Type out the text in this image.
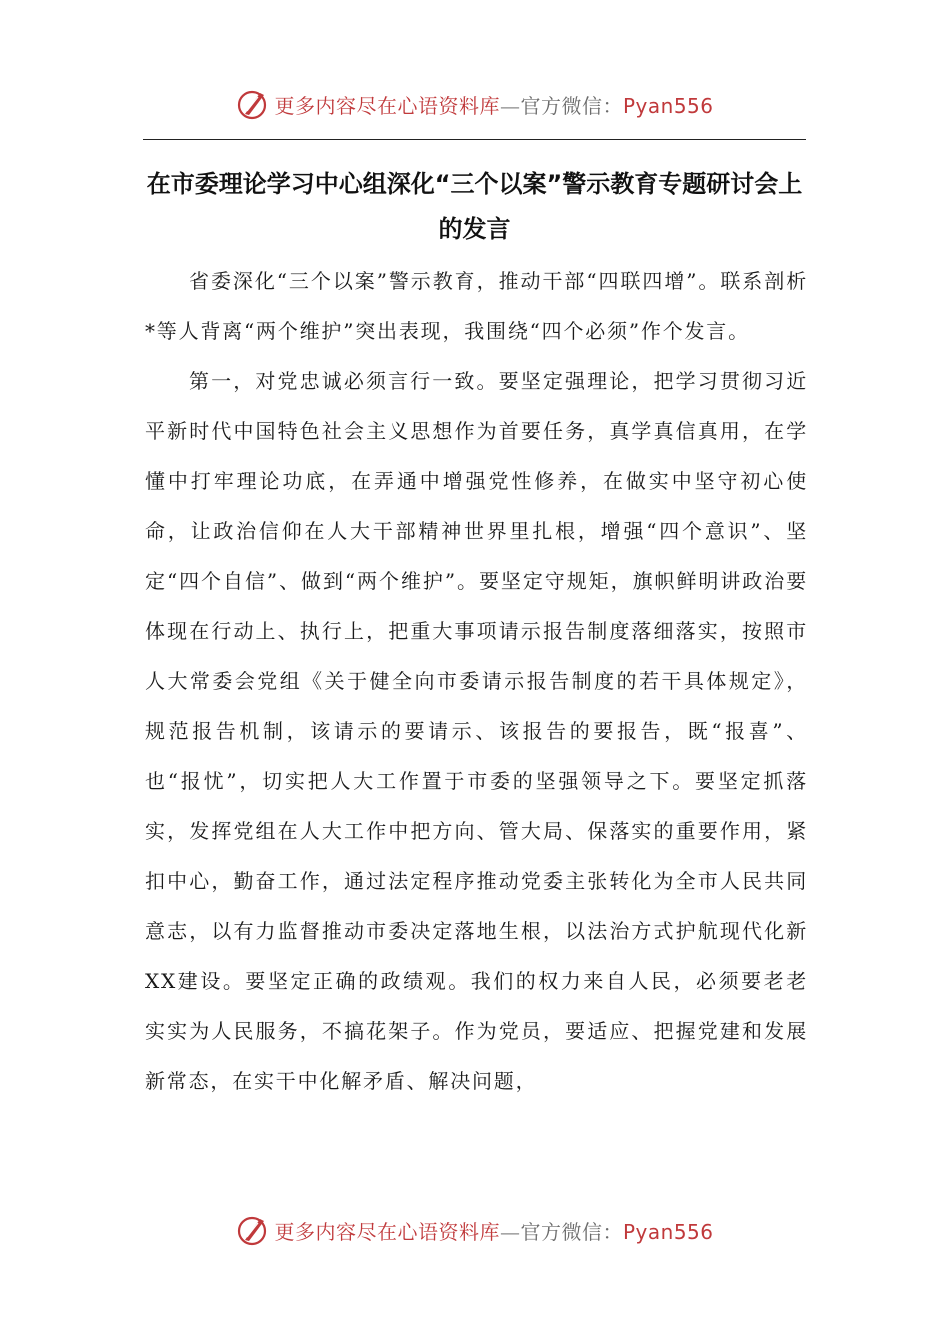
更多内容尽在心语资料库—官方微信：Pyan556
在市委理论学习中心组深化“三个以案”警示教育专题研讨会上的发言

省委深化“三个以案”警示教育，推动干部“四联四增”。联系剖析*等人背离“两个维护”突出表现，我围绕“四个必须”作个发言。

第一，对党忠诚必须言行一致。要坚定强理论，把学习贯彻习近平新时代中国特色社会主义思想作为首要任务，真学真信真用，在学懂中打牢理论功底，在弄通中增强党性修养，在做实中坚守初心使命，让政治信仰在人大干部精神世界里扎根，增强“四个意识”、坚定“四个自信”、做到“两个维护”。要坚定守规矩，旗帜鲜明讲政治要体现在行动上、执行上，把重大事项请示报告制度落细落实，按照市人大常委会党组《关于健全向市委请示报告制度的若干具体规定》，规范报告机制，该请示的要请示、该报告的要报告，既“报喜”、也“报忧”，切实把人大工作置于市委的坚强领导之下。要坚定抓落实，发挥党组在人大工作中把方向、管大局、保落实的重要作用，紧扣中心，勤奋工作，通过法定程序推动党委主张转化为全市人民共同意志，以有力监督推动市委决定落地生根，以法治方式护航现代化新XX建设。要坚定正确的政绩观。我们的权力来自人民，必须要老老实实为人民服务，不搞花架子。作为党员，要适应、把握党建和发展新常态，在实干中化解矛盾、解决问题，

更多内容尽在心语资料库—官方微信：Pyan556
